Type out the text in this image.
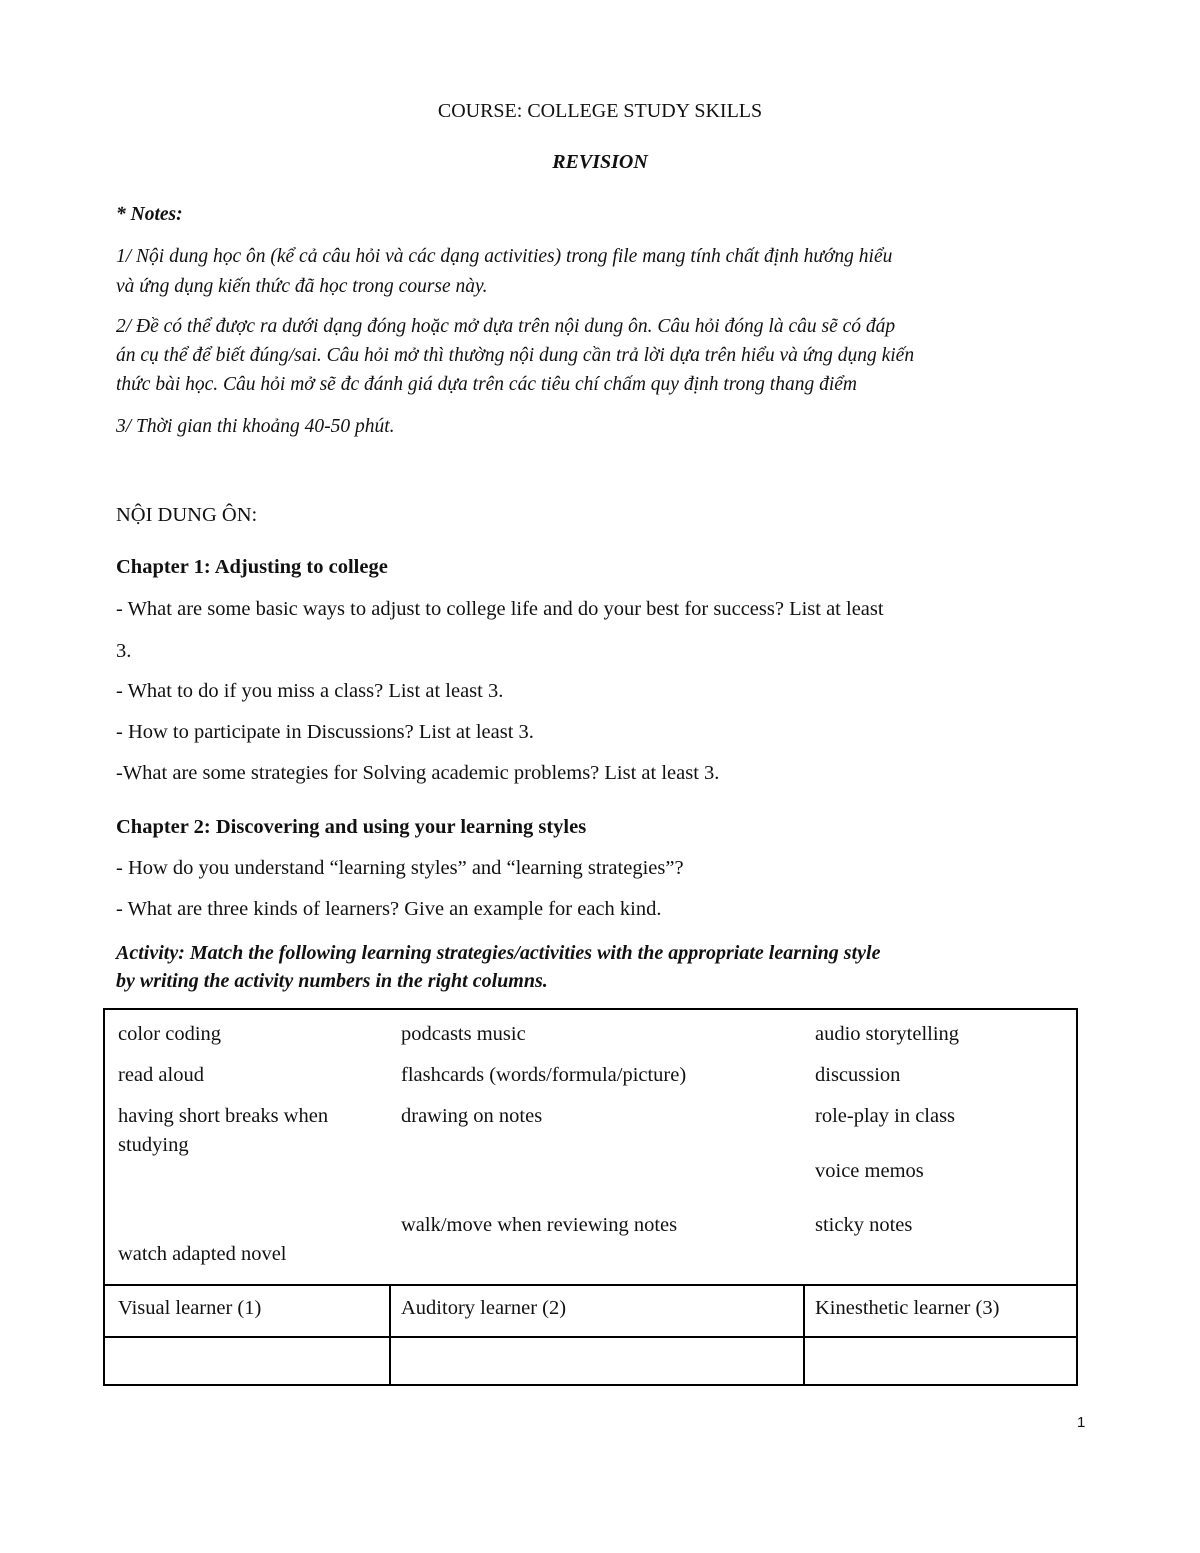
COURSE: COLLEGE STUDY SKILLS
REVISION
* Notes:
1/ Nội dung học ôn (kể cả câu hỏi và các dạng activities) trong file mang tính chất định hướng hiểu
và ứng dụng kiến thức đã học trong course này.
2/ Đề có thể được ra dưới dạng đóng hoặc mở dựa trên nội dung ôn. Câu hỏi đóng là câu sẽ có đáp
án cụ thể để biết đúng/sai. Câu hỏi mở thì thường nội dung cần trả lời dựa trên hiểu và ứng dụng kiến
thức bài học. Câu hỏi mở sẽ đc đánh giá dựa trên các tiêu chí chấm quy định trong thang điểm
3/ Thời gian thi khoảng 40-50 phút.
NỘI DUNG ÔN:
Chapter 1: Adjusting to college
- What are some basic ways to adjust to college life and do your best for success? List at least
3.
- What to do if you miss a class? List at least 3.
- How to participate in Discussions? List at least 3.
-What are some strategies for Solving academic problems? List at least 3.
Chapter 2: Discovering and using your learning styles
- How do you understand “learning styles” and “learning strategies”?
- What are three kinds of learners? Give an example for each kind.
Activity: Match the following learning strategies/activities with the appropriate learning style
by writing the activity numbers in the right columns.
color coding
read aloud
having short breaks when
studying
watch adapted novel
podcasts music
flashcards (words/formula/picture)
drawing on notes
walk/move when reviewing notes
audio storytelling
discussion
role-play in class
voice memos
sticky notes
Visual learner (1)	Auditory learner (2)	Kinesthetic learner (3)
1
